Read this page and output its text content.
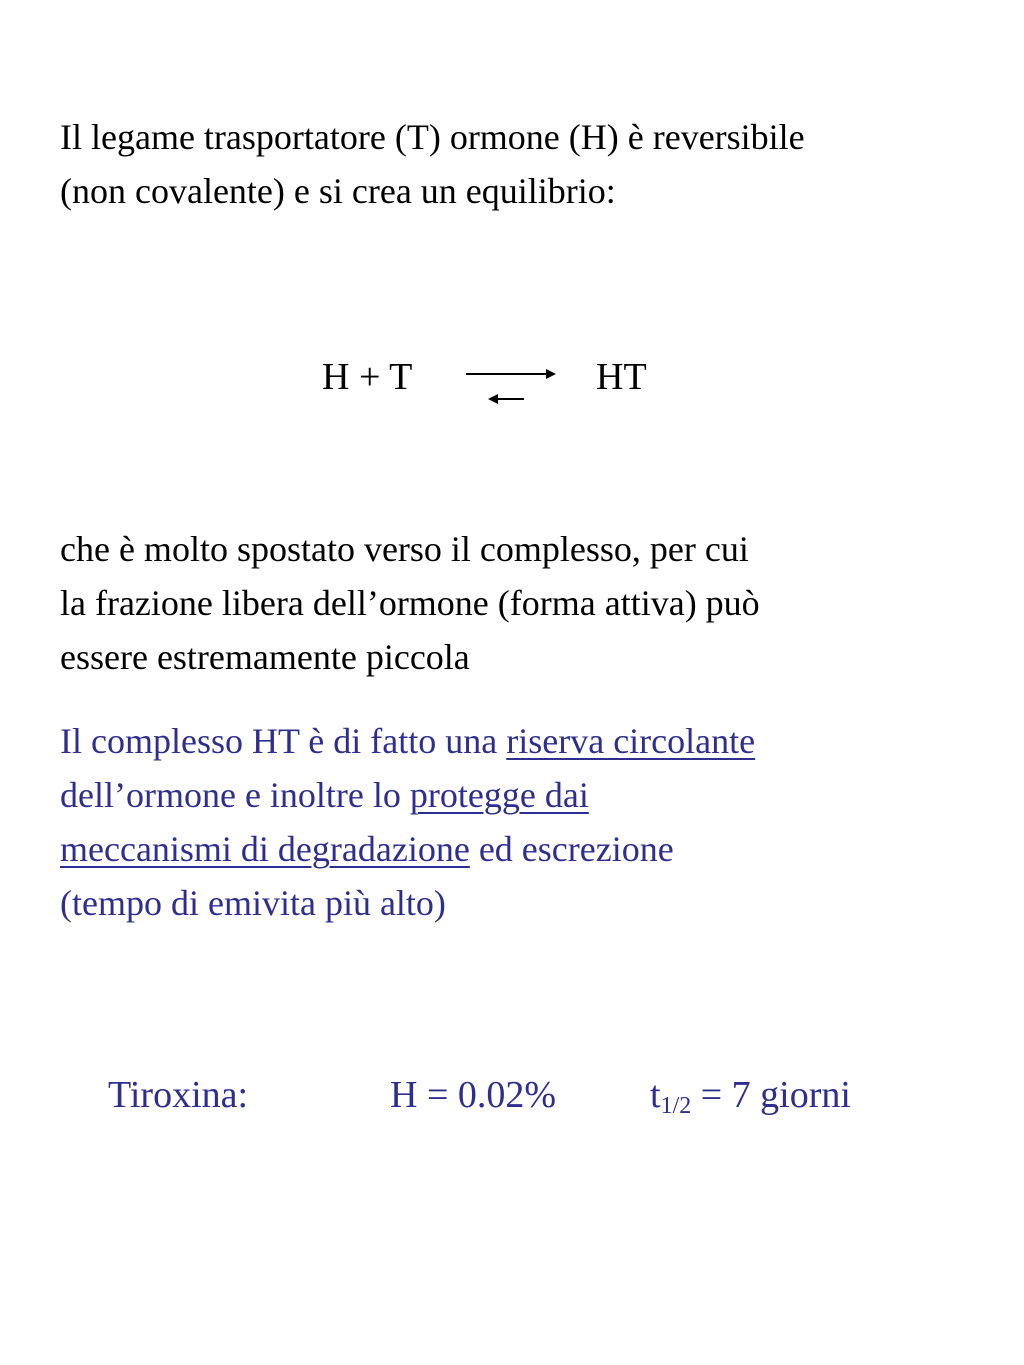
Il legame trasportatore (T) ormone (H) è reversibile
(non covalente) e si crea un equilibrio:

H + T	HT

che è molto spostato verso il complesso, per cui
la frazione libera dell’ormone (forma attiva) può
essere estremamente piccola

Il complesso HT è di fatto una riserva circolante
dell’ormone e inoltre lo protegge dai
meccanismi di degradazione ed escrezione
(tempo di emivita più alto)

Tiroxina:	H = 0.02% $t_{1/2} = 7$ giorni
